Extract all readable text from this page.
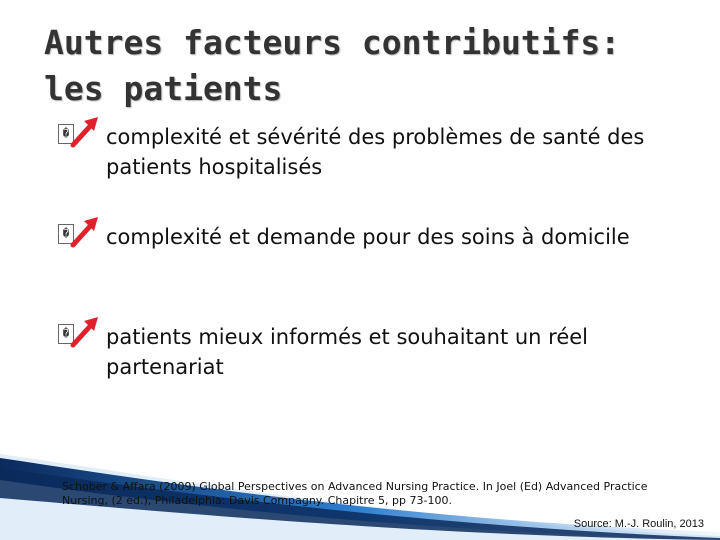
Autres facteurs contributifs: les patients
�	complexité et sévérité des problèmes de santé des patients hospitalisés
�	complexité et demande pour des soins à domicile
�	patients mieux informés et souhaitant un réel partenariat
Schober & Affara (2009) Global Perspectives on Advanced Nursing Practice. In Joel (Ed) Advanced Practice Nursing, (2 ed.), Philadelphia: Davis Compagny. Chapitre 5, pp 73-100.
Source: M.-J. Roulin, 2013
